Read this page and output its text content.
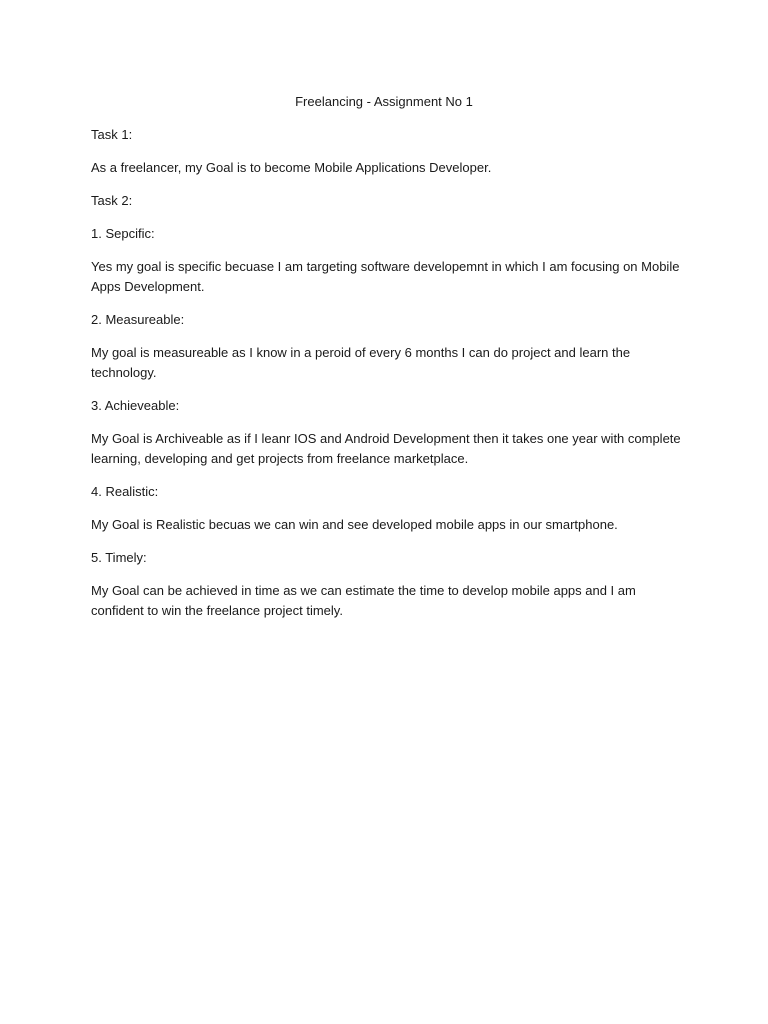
Freelancing - Assignment No 1

Task 1:

As a freelancer, my Goal is to become Mobile Applications Developer.

Task 2:

1. Sepcific:

Yes my goal is specific becuase I am targeting software developemnt in which I am focusing on Mobile Apps Development.

2. Measureable:

My goal is measureable as I know in a peroid of every 6 months I can do project and learn the technology.

3. Achieveable:

My Goal is Archiveable as if I leanr IOS and Android Development then it takes one year with complete learning, developing and get projects from freelance marketplace.

4. Realistic:

My Goal is Realistic becuas we can win and see developed mobile apps in our smartphone.

5. Timely:

My Goal can be achieved in time as we can estimate the time to develop mobile apps and I am confident to win the freelance project timely.
